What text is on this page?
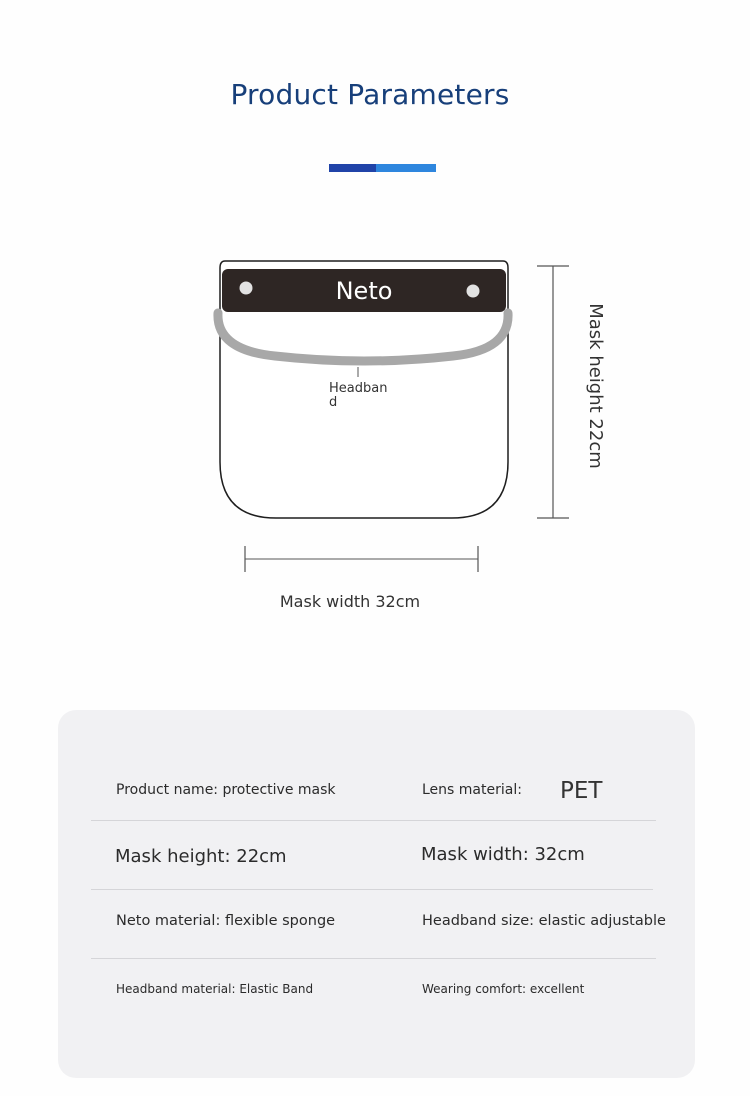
Product Parameters
Neto
Headband	Mask height 22cm
Mask width 32cm
Product name: protective mask	Lens material: PET
Mask height: 22cm	Mask width: 32cm
Neto material: flexible sponge	Headband size: elastic adjustable
Headband material: Elastic Band	Wearing comfort: excellent
